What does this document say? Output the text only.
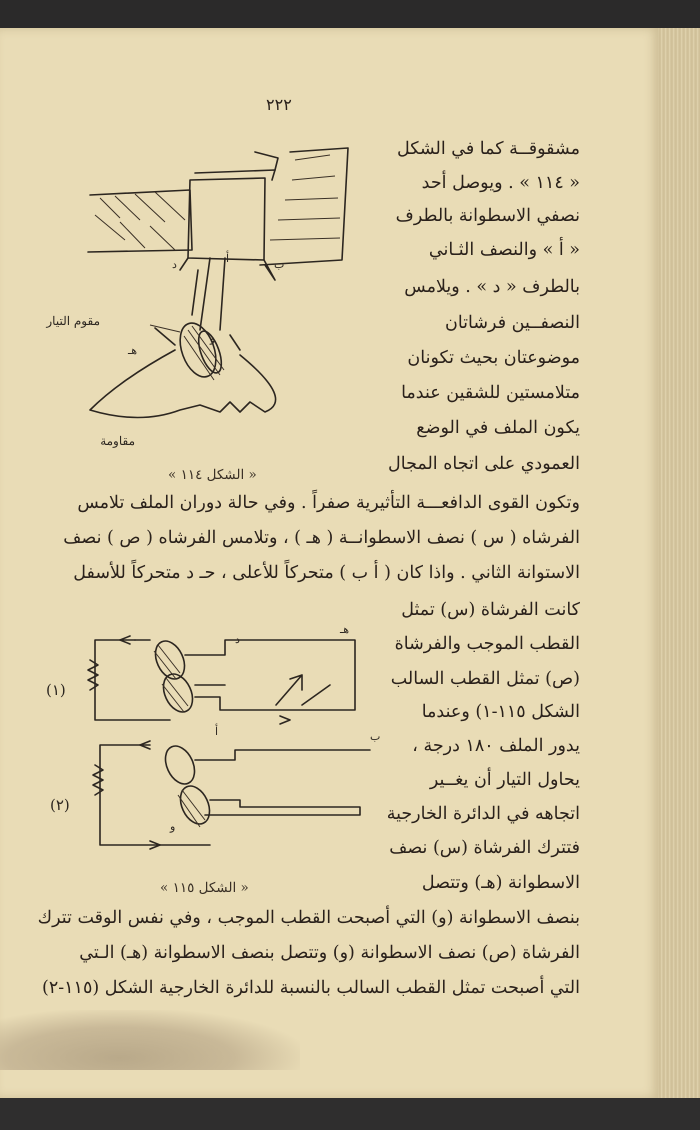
٢٢٢
مشقوقــة كما في الشكل
« ١١٤ » . ويوصل أحد
نصفي الاسطوانة بالطرف
« ﺃ » والنصف الثـاني
بالطرف « د » . ويلامس
النصفــين فرشاتان
موضوعتان بحيث تكونان
متلامستين للشقين عندما
يكون الملف في الوضع
العمودي على اتجاه المجال
وتكون القوى الدافعـــة التأثيرية صفراً . وفي حالة دوران الملف تلامس
الفرشاه ( س ) نصف الاسطوانــة ( هـ ) ، وتلامس الفرشاه ( ص ) نصف
الاستوانة الثاني . واذا كان ( ﺃ ب ) متحركاً للأعلى ، حـ د متحركاً للأسفل
كانت الفرشاة (س) تمثل
القطب الموجب والفرشاة
(ص) تمثل القطب السالب
الشكل ١١٥-١) وعندما
يدور الملف ١٨٠ درجة ،
يحاول التيار أن يغــير
اتجاهه في الدائرة الخارجية
فتترك الفرشاة (س) نصف
الاسطوانة (هـ) وتتصل
بنصف الاسطوانة (و) التي أصبحت القطب الموجب ، وفي نفس الوقت تترك
الفرشاة (ص) نصف الاسطوانة (و) وتتصل بنصف الاسطوانة (هـ) الـتي
التي أصبحت تمثل القطب السالب بالنسبة للدائرة الخارجية الشكل (١١٥-٢)
مقوم التيار
مقاومة
ﺃ	ب
د
هـ
و
« الشكل ١١٤ »
(١)
(٢)
ﺃ	ب
د
هـ
و
« الشكل ١١٥ »
